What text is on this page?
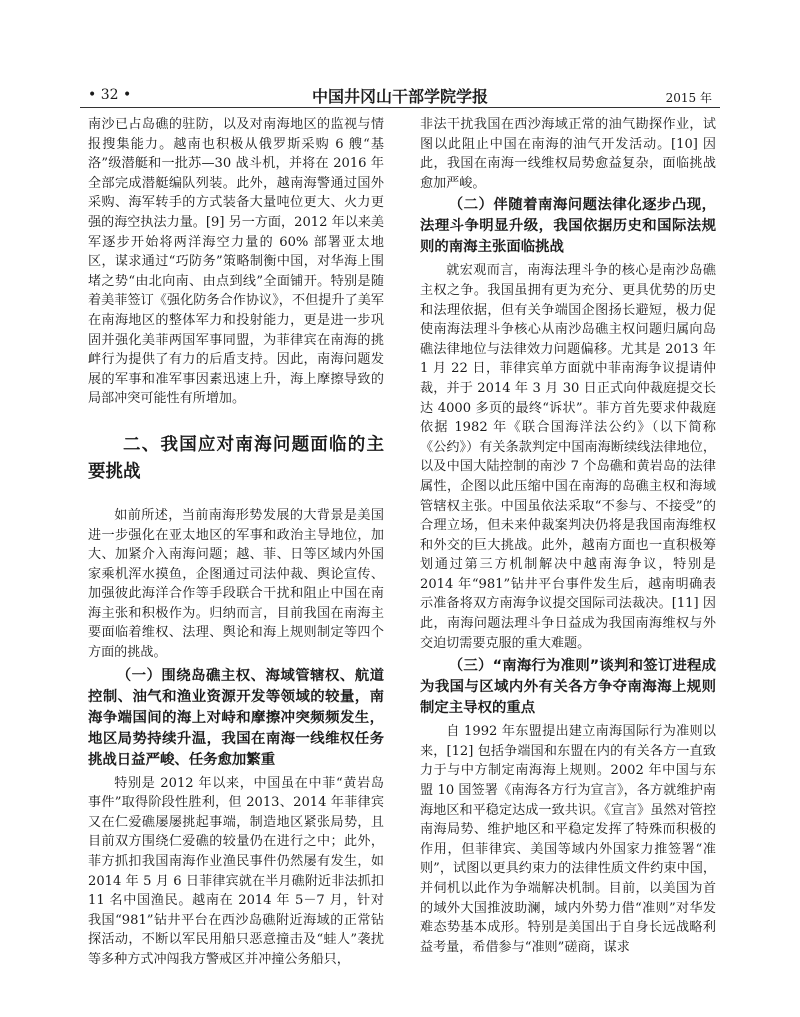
• 32 •	中国井冈山干部学院学报	2015 年

南沙已占岛礁的驻防，以及对南海地区的监视与情报搜集能力。越南也积极从俄罗斯采购 6 艘“基洛”级潜艇和一批苏—30 战斗机，并将在 2016 年全部完成潜艇编队列装。此外，越南海警通过国外采购、海军转手的方式装备大量吨位更大、火力更强的海空执法力量。[9] 另一方面，2012 年以来美军逐步开始将两洋海空力量的 60% 部署亚太地区，谋求通过“巧防务”策略制衡中国，对华海上围堵之势“由北向南、由点到线”全面铺开。特别是随着美菲签订《强化防务合作协议》，不但提升了美军在南海地区的整体军力和投射能力，更是进一步巩固并强化美菲两国军事同盟，为菲律宾在南海的挑衅行为提供了有力的后盾支持。因此，南海问题发展的军事和准军事因素迅速上升，海上摩擦导致的局部冲突可能性有所增加。

二、我国应对南海问题面临的主要挑战

如前所述，当前南海形势发展的大背景是美国进一步强化在亚太地区的军事和政治主导地位，加大、加紧介入南海问题；越、菲、日等区域内外国家乘机浑水摸鱼，企图通过司法仲裁、舆论宣传、加强彼此海洋合作等手段联合干扰和阻止中国在南海主张和积极作为。归纳而言，目前我国在南海主要面临着维权、法理、舆论和海上规则制定等四个方面的挑战。

（一）围绕岛礁主权、海域管辖权、航道控制、油气和渔业资源开发等领域的较量，南海争端国间的海上对峙和摩擦冲突频频发生，地区局势持续升温，我国在南海一线维权任务挑战日益严峻、任务愈加繁重

特别是 2012 年以来，中国虽在中菲“黄岩岛事件”取得阶段性胜利，但 2013、2014 年菲律宾又在仁爱礁屡屡挑起事端，制造地区紧张局势，且目前双方围绕仁爱礁的较量仍在进行之中；此外，菲方抓扣我国南海作业渔民事件仍然屡有发生，如 2014 年 5 月 6 日菲律宾就在半月礁附近非法抓扣 11 名中国渔民。越南在 2014 年 5－7 月，针对我国“981”钻井平台在西沙岛礁附近海域的正常钻探活动，不断以军民用船只恶意撞击及“蛙人”袭扰等多种方式冲闯我方警戒区并冲撞公务船只，

非法干扰我国在西沙海域正常的油气勘探作业，试图以此阻止中国在南海的油气开发活动。[10] 因此，我国在南海一线维权局势愈益复杂，面临挑战愈加严峻。

（二）伴随着南海问题法律化逐步凸现，法理斗争明显升级，我国依据历史和国际法规则的南海主张面临挑战

就宏观而言，南海法理斗争的核心是南沙岛礁主权之争。我国虽拥有更为充分、更具优势的历史和法理依据，但有关争端国企图扬长避短，极力促使南海法理斗争核心从南沙岛礁主权问题归属向岛礁法律地位与法律效力问题偏移。尤其是 2013 年 1 月 22 日，菲律宾单方面就中菲南海争议提请仲裁，并于 2014 年 3 月 30 日正式向仲裁庭提交长达 4000 多页的最终“诉状”。菲方首先要求仲裁庭依据 1982 年《联合国海洋法公约》（以下简称《公约》）有关条款判定中国南海断续线法律地位，以及中国大陆控制的南沙 7 个岛礁和黄岩岛的法律属性，企图以此压缩中国在南海的岛礁主权和海域管辖权主张。中国虽依法采取“不参与、不接受”的合理立场，但未来仲裁案判决仍将是我国南海维权和外交的巨大挑战。此外，越南方面也一直积极筹划通过第三方机制解决中越南海争议，特别是 2014 年“981”钻井平台事件发生后，越南明确表示准备将双方南海争议提交国际司法裁决。[11] 因此，南海问题法理斗争日益成为我国南海维权与外交迫切需要克服的重大难题。

（三）“南海行为准则”谈判和签订进程成为我国与区域内外有关各方争夺南海海上规则制定主导权的重点

自 1992 年东盟提出建立南海国际行为准则以来，[12] 包括争端国和东盟在内的有关各方一直致力于与中方制定南海海上规则。2002 年中国与东盟 10 国签署《南海各方行为宣言》，各方就维护南海地区和平稳定达成一致共识。《宣言》虽然对管控南海局势、维护地区和平稳定发挥了特殊而积极的作用，但菲律宾、美国等域内外国家力推签署“准则”，试图以更具约束力的法律性质文件约束中国，并伺机以此作为争端解决机制。目前，以美国为首的域外大国推波助澜，域内外势力借“准则”对华发难态势基本成形。特别是美国出于自身长远战略利益考量，希借参与“准则”磋商，谋求
